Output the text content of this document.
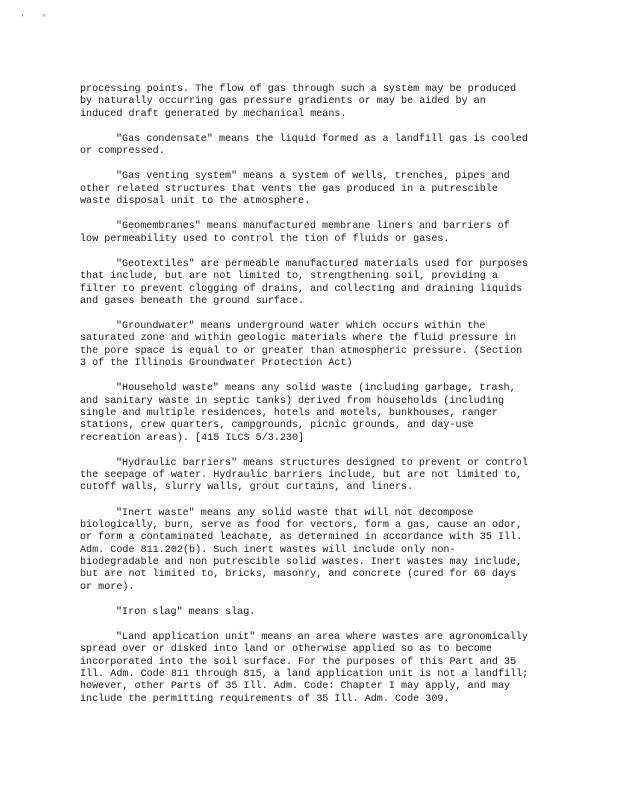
' "

processing points. The flow of gas through such a system may be produced by naturally occurring gas pressure gradients or may be aided by an induced draft generated by mechanical means.

"Gas condensate" means the liquid formed as a landfill gas is cooled or compressed.

"Gas venting system" means a system of wells, trenches, pipes and other related structures that vents the gas produced in a putrescible waste disposal unit to the atmosphere.

"Geomembranes" means manufactured membrane liners and barriers of low permeability used to control the tion of fluids or gases.

"Geotextiles" are permeable manufactured materials used for purposes that include, but are not limited to, strengthening soil, providing a filter to prevent clogging of drains, and collecting and draining liquids and gases beneath the ground surface.

"Groundwater" means underground water which occurs within the saturated zone and within geologic materials where the fluid pressure in the pore space is equal to or greater than atmospheric pressure. (Section 3 of the Illinois Groundwater Protection Act)

"Household waste" means any solid waste (including garbage, trash, and sanitary waste in septic tanks) derived from households (including single and multiple residences, hotels and motels, bunkhouses, ranger stations, crew quarters, campgrounds, picnic grounds, and day-use recreation areas). [415 ILCS 5/3.230]

"Hydraulic barriers" means structures designed to prevent or control the seepage of water. Hydraulic barriers include, but are not limited to, cutoff walls, slurry walls, grout curtains, and liners.

"Inert waste" means any solid waste that will not decompose biologically, burn, serve as food for vectors, form a gas, cause an odor, or form a contaminated leachate, as determined in accordance with 35 Ill. Adm. Code 811.202(b). Such inert wastes will include only non-biodegradable and non putrescible solid wastes. Inert wastes may include, but are not limited to, bricks, masonry, and concrete (cured for 60 days or more).

"Iron slag" means slag.

"Land application unit" means an area where wastes are agronomically spread over or disked into land or otherwise applied so as to become incorporated into the soil surface. For the purposes of this Part and 35 Ill. Adm. Code 811 through 815, a land application unit is not a landfill; however, other Parts of 35 Ill. Adm. Code: Chapter I may apply, and may include the permitting requirements of 35 Ill. Adm. Code 309.
